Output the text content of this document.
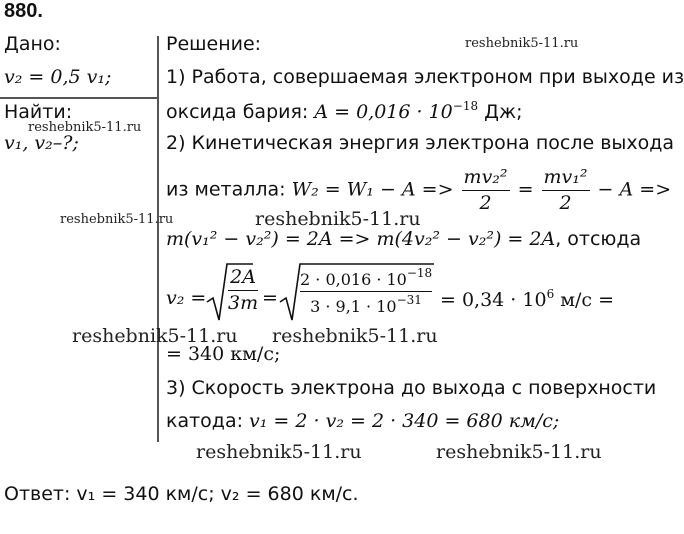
880.
Дано:
v₂ = 0,5 v₁;
Найти:
v₁, v₂–?;
Решение:
1) Работа, совершаемая электроном при выходе из
оксида бария: $A = 0,016 \cdot 10^{-18}$ Дж;
2) Кинетическая энергия электрона после выхода
из металла: $W_2 = W_1 - A => \frac{\text{mv₂²}}{2} = \frac{\text{mv₁²}}{2} - A$ =>
m(v₁² − v₂²) = 2A => m(4v₂² − v₂²) = 2A, отсюда
$v_2 = \frac{2A}{3m}$ =
$2 \cdot 0,016 \cdot 10^{-18}$
$3 \cdot 9,1 \cdot 10^{-31} = 0,34 \cdot 10^6$ м/с =
= 340 км/с;
3) Скорость электрона до выхода с поверхности
катода: v₁ = 2 · v₂ = 2 · 340 = 680 км/с;
Ответ: v₁ = 340 км/с; v₂ = 680 км/с.
reshebnik5-11.ru
reshebnik5-11.ru
reshebnik5-11.ru	reshebnik5-11.ru
reshebnik5-11.ru reshebnik5-11.ru
reshebnik5-11.ru	reshebnik5-11.ru
